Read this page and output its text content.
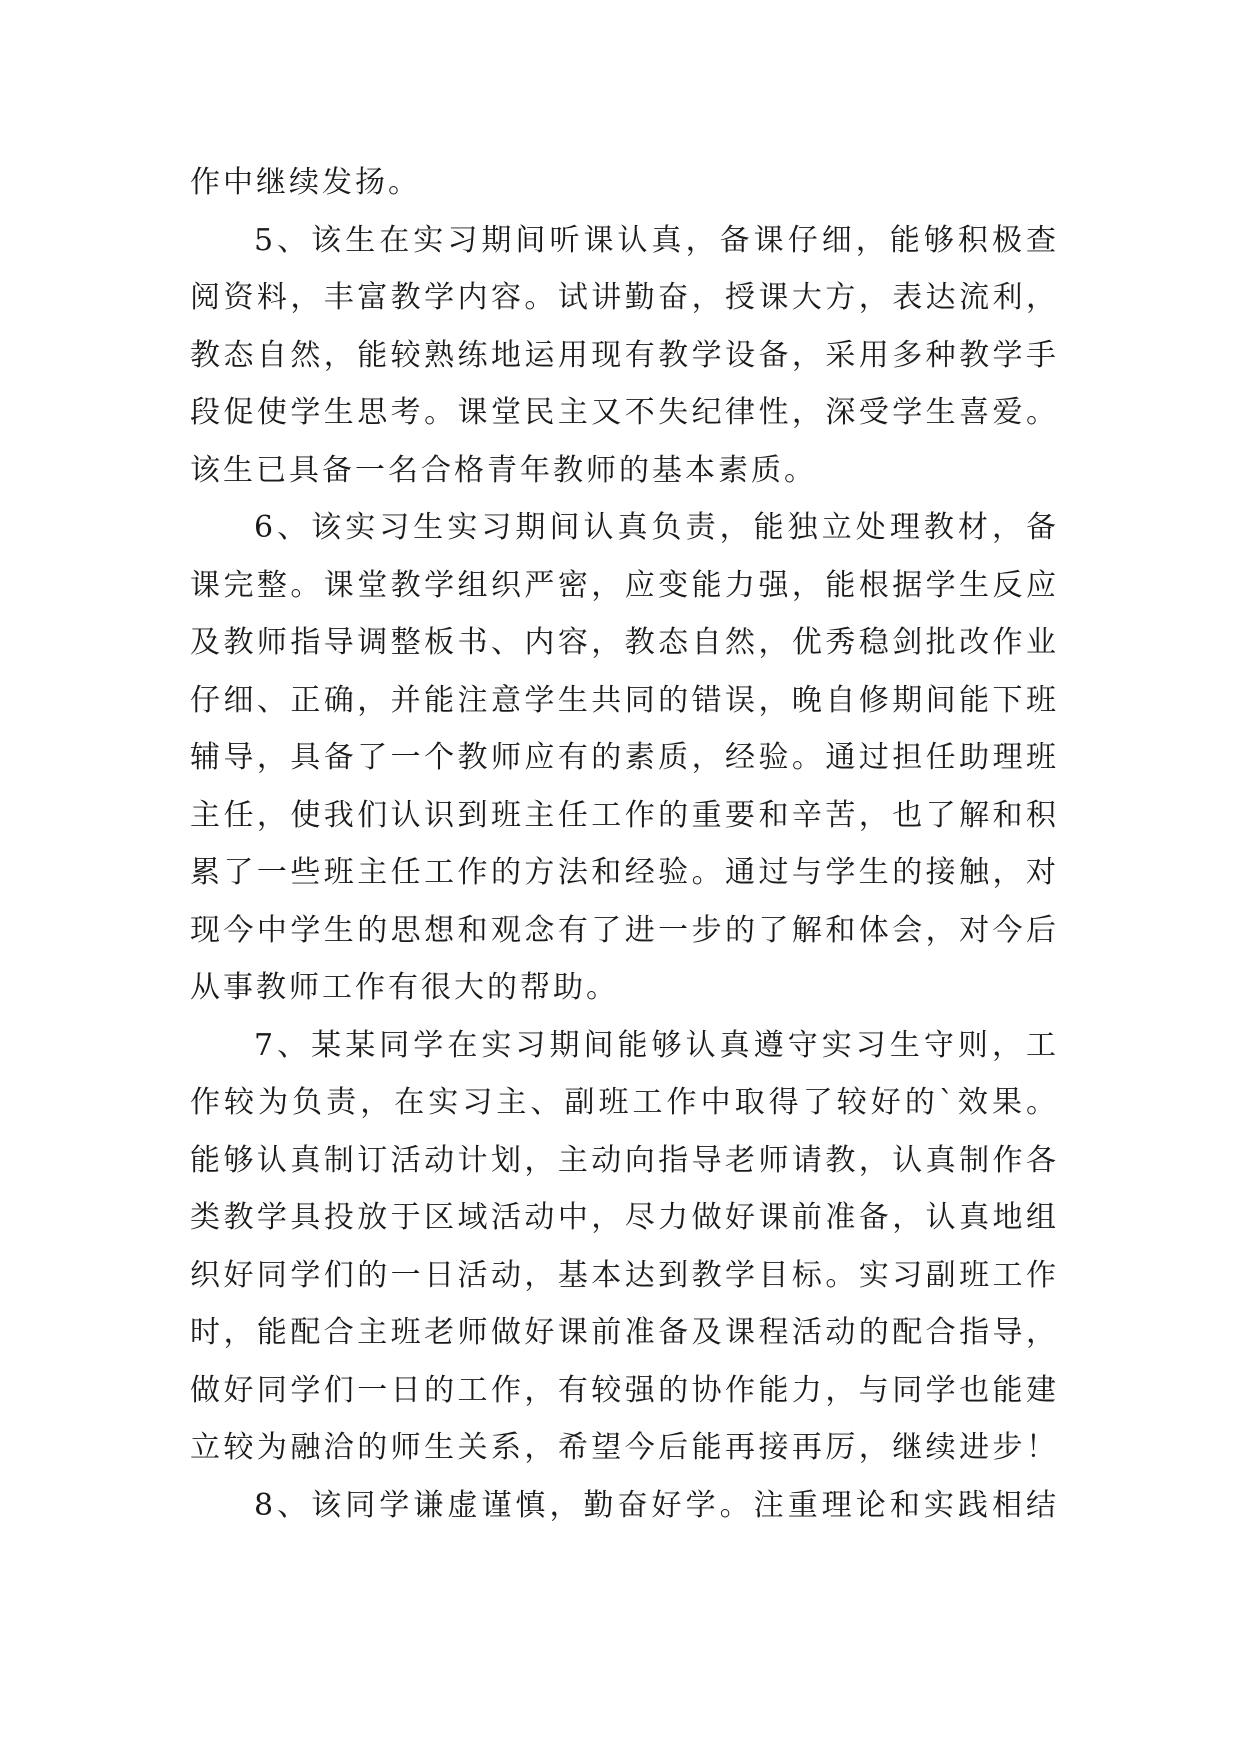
作中继续发扬。
5、该生在实习期间听课认真，备课仔细，能够积极查
阅资料，丰富教学内容。试讲勤奋，授课大方，表达流利，
教态自然，能较熟练地运用现有教学设备，采用多种教学手
段促使学生思考。课堂民主又不失纪律性，深受学生喜爱。
该生已具备一名合格青年教师的基本素质。
6、该实习生实习期间认真负责，能独立处理教材，备
课完整。课堂教学组织严密，应变能力强，能根据学生反应
及教师指导调整板书、内容，教态自然，优秀稳剑批改作业
仔细、正确，并能注意学生共同的错误，晚自修期间能下班
辅导，具备了一个教师应有的素质，经验。通过担任助理班
主任，使我们认识到班主任工作的重要和辛苦，也了解和积
累了一些班主任工作的方法和经验。通过与学生的接触，对
现今中学生的思想和观念有了进一步的了解和体会，对今后
从事教师工作有很大的帮助。
7、某某同学在实习期间能够认真遵守实习生守则，工
作较为负责，在实习主、副班工作中取得了较好的`效果。
能够认真制订活动计划，主动向指导老师请教，认真制作各
类教学具投放于区域活动中，尽力做好课前准备，认真地组
织好同学们的一日活动，基本达到教学目标。实习副班工作
时，能配合主班老师做好课前准备及课程活动的配合指导，
做好同学们一日的工作，有较强的协作能力，与同学也能建
立较为融洽的师生关系，希望今后能再接再厉，继续进步！
8、该同学谦虚谨慎，勤奋好学。注重理论和实践相结
